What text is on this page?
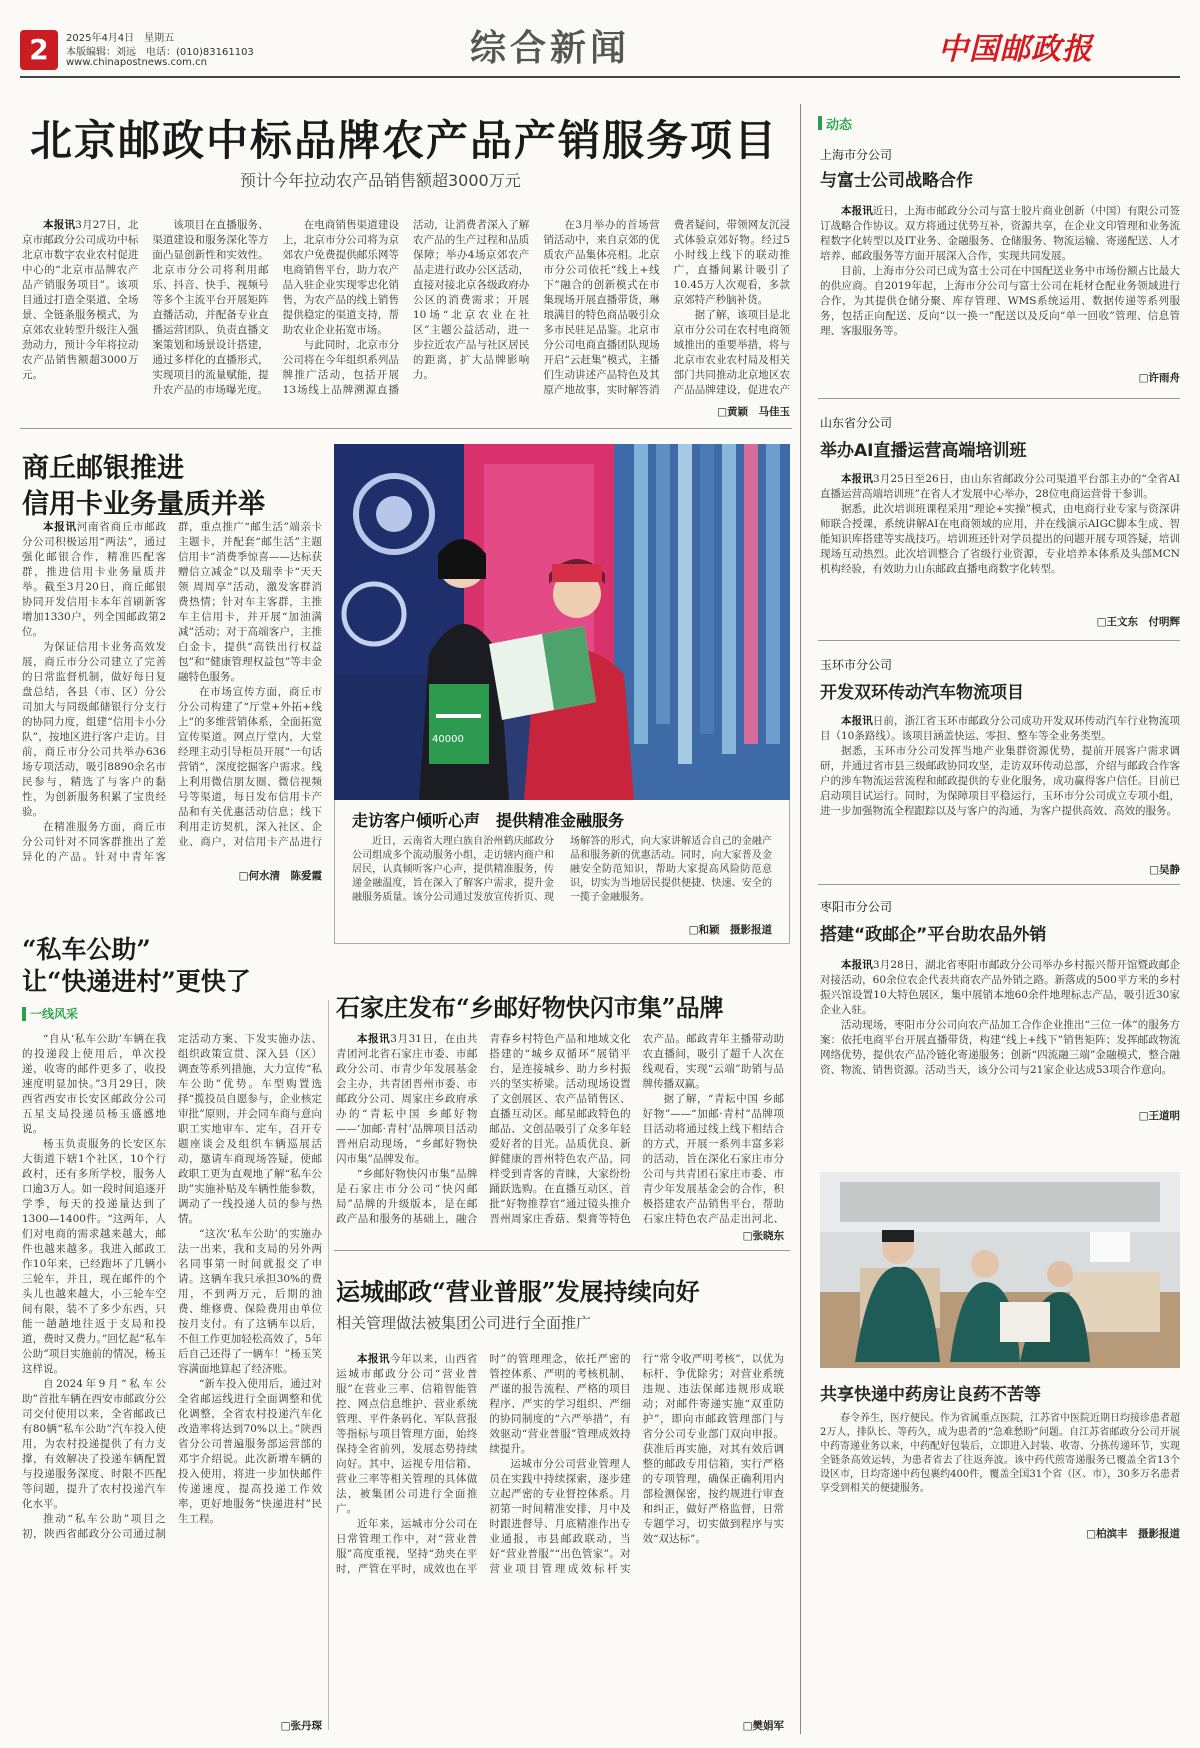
2	2025年4月4日　星期五
本版编辑：刘远　电话：(010)83161103
www.chinapostnews.com.cn	综合新闻	中国邮政报
北京邮政中标品牌农产品产销服务项目
预计今年拉动农产品销售额超3000万元

本报讯3月27日，北京市邮政分公司成功中标北京市数字农业农村促进中心的“北京市品牌农产品产销服务项目”。该项目通过打造全渠道、全场景、全链条服务模式，为京郊农业转型升级注入强劲动力，预计今年将拉动农产品销售额超3000万元。

该项目在直播服务、渠道建设和服务深化等方面凸显创新性和实效性。北京市分公司将利用邮乐、抖音、快手、视频号等多个主流平台开展矩阵直播活动，并配备专业直播运营团队，负责直播文案策划和场景设计搭建，通过多样化的直播形式，实现项目的流量赋能，提升农产品的市场曝光度。

在电商销售渠道建设上，北京市分公司将为京郊农户免费提供邮乐网等电商销售平台，助力农产品入驻企业实现零忠化销售，为农产品的线上销售提供稳定的渠道支持，帮助农业企业拓宽市场。

与此同时，北京市分公司将在今年组织系列品牌推广活动，包括开展13场线上品牌溯源直播活动，让消费者深入了解农产品的生产过程和品质保障；举办4场京郊农产品走进行政办公区活动，直接对接北京各级政府办公区的消费需求；开展10场“北京农业在社区”主题公益活动，进一步拉近农产品与社区居民的距离，扩大品牌影响力。

在3月举办的首场营销活动中，来自京郊的优质农产品集体亮相。北京市分公司依托“线上+线下”融合的创新模式在市集现场开展直播带货，琳琅满目的特色商品吸引众多市民驻足品鉴。北京市分公司电商直播团队现场开启“云赶集”模式，主播们生动讲述产品特色及其原产地故事，实时解答消费者疑问，带领网友沉浸式体验京郊好物。经过5小时线上线下的联动推广，直播间累计吸引了10.45万人次观看，多款京郊特产秒脑补货。

据了解，该项目是北京市分公司在农村电商领域推出的重要举措，将与北京市农业农村局及相关部门共同推动北京地区农产品品牌建设，促进农产

□黄颖　马佳玉
商丘邮银推进
信用卡业务量质并举

本报讯河南省商丘市邮政分公司积极运用“两法”，通过强化邮银合作，精准匹配客群，推进信用卡业务量质并举。截至3月20日，商丘邮银协同开发信用卡本年首刷新客增加1330户，列全国邮政第2位。

为保证信用卡业务高效发展，商丘市分公司建立了完善的日常监督机制，做好每日复盘总结，各县（市、区）分公司加大与同级邮储银行分支行的协同力度，组建“信用卡小分队”，按地区进行客户走访。目前，商丘市分公司共举办636场专项活动，吸引8890余名市民参与，精选了与客户的黏性，为创新服务积累了宝贵经验。

在精准服务方面，商丘市分公司针对不同客群推出了差异化的产品。针对中青年客群，重点推广“邮生活”端亲卡主题卡，并配套“邮生活”主题信用卡“消费季惊喜——达标获赠信立减金”以及瑞幸卡“天天领 周周享”活动，激发客群消费热情；针对车主客群，主推车主信用卡，并开展“加油满减”活动；对于高端客户，主推白金卡，提供“高铁出行权益包”和“健康管理权益包”等丰金融特色服务。

在市场宣传方面，商丘市分公司构建了“厅堂+外拓+线上”的多维营销体系，全面拓宽宣传渠道。网点厅堂内，大堂经理主动引导柜员开展“一句话营销”，深度挖掘客户需求。线上利用微信朋友圈、微信视频号等渠道，每日发布信用卡产品和有关优惠活动信息；线下利用走访契机，深入社区、企业、商户，对信用卡产品进行

□何水清　陈爱霞
40000
走访客户倾听心声　提供精准金融服务

近日，云南省大理白族自治州鹤庆邮政分公司组成多个流动服务小组，走访辖内商户和居民，认真倾听客户心声，提供精准服务，传递金融温度，旨在深入了解客户需求，提升金融服务质量。该分公司通过发放宣传折页、现场解答的形式，向大家讲解适合自己的金融产品和服务新的优惠活动。同时，向大家普及金融安全防范知识，帮助大家提高风险防范意识，切实为当地居民提供便捷、快速、安全的一揽子金融服务。

□和颖　摄影报道
“私车公助”
让“快递进村”更快了
一线风采

“自从‘私车公助’车辆在我的投递段上使用后，单次投递，收寄的邮件更多了，收投速度明显加快。”3月29日，陕西省西安市长安区邮政分公司五星支局投递员杨玉盛感地说。

杨玉负责服务的长安区东大街道下辖1个社区，10个行政村，还有多所学校，服务人口逾3万人。如一段时间追逐开学季，每天的投递量达到了1300—1400件。“这两年，人们对电商的需求越来越大，邮件也越来越多。我进入邮政工作10年来，已经跑坏了几辆小三轮车，并且，现在邮件的个头儿也越来越大，小三轮车空间有限，装不了多少东西，只能一趟趟地往返于支局和投道，费时又费力。”回忆起“私车公助”项目实施前的情况，杨玉这样说。

自2024年9月“私车公助”首批车辆在西安市邮政分公司交付使用以来，全省邮政已有80辆“私车公助”汽车投入使用，为农村投递提供了有力支撑，有效解决了投递车辆配置与投递服务深度、时限不匹配等问题，提升了农村投递汽车化水平。

推动“私车公助”项目之初，陕西省邮政分公司通过制定活动方案、下发实施办法、组织政策宣贯、深入县（区）调查等系列措施，大力宣传“私车公助”优势。车型购置选择“揽投员自愿参与，企业核定审批”原则，并会同车商与意向职工实地审车、定车，召开专题座谈会及组织车辆巡展活动，邀请车商现场答疑，使邮政职工更为直观地了解“私车公助”实施补贴及车辆性能参数，调动了一线投递人员的参与热情。

“这次‘私车公助’的实施办法一出来，我和支局的另外两名同事第一时间就报交了申请。这辆车我只承担30%的费用，不到两万元，后期的油费、维修费、保险费用由单位按月支付。有了这辆车以后，不但工作更加轻松高效了，5年后自己还得了一辆车！”杨玉笑容满面地算起了经济账。

“新车投入使用后，通过对全省邮运线进行全面调整和优化调整，全省农村投递汽车化改造率将达到70%以上。”陕西省分公司普遍服务部运营部的邓宇介绍说。此次新增车辆的投入使用，将进一步加快邮件传递速度，提高投递工作效率，更好地服务“快递进村”民生工程。

□张丹琛
石家庄发布“乡邮好物快闪市集”品牌

本报讯3月31日，在由共青团河北省石家庄市委、市邮政分公司、市青少年发展基金会主办，共青团晋州市委、市邮政分公司、周家庄乡政府承办的“青耘中国 乡邮好物——‘加邮·青村’品牌项目活动晋州启动现场，“乡邮好物快闪市集”品牌发布。

“乡邮好物快闪市集”品牌是石家庄市分公司“快闪邮局”品牌的升级版本，是在邮政产品和服务的基础上，融合青春乡村特色产品和地域文化搭建的“城乡双循环”展销平台，是连接城乡、助力乡村振兴的坚实桥梁。活动现场设置了文创展区、农产品销售区、直播互动区。邮星邮政特色的邮品、文创品吸引了众多年轻爱好者的目光。品质优良、新鲜健康的晋州特色农产品，同样受到青客的青睐，大家纷纷踊跃选购。在直播互动区，首批“好物推荐官”通过镜头推介晋州周家庄香菇、梨膏等特色农产品。邮政青年主播带动助农直播间，吸引了超千人次在线观看，实现“云端”助销与品牌传播双赢。

据了解，“青耘中国 乡邮好物”——“加邮·青村”品牌项目活动将通过线上线下相结合的方式，开展一系列丰富多彩的活动，旨在深化石家庄市分公司与共青团石家庄市委、市青少年发展基金会的合作，积极搭建农产品销售平台，帮助石家庄特色农产品走出河北、

□张晓东
运城邮政“营业普服”发展持续向好
相关管理做法被集团公司进行全面推广

本报讯今年以来，山西省运城市邮政分公司“营业普服”在营业三率、信箱智能管控、网点信息维护、营业系统管理、平件条码化、军队营报等指标与项目管理方面，始终保持全省前列，发展态势持续向好。其中，运视专用信箱、营业三率等相关管理的具体做法，被集团公司进行全面推广。

近年来，运城市分公司在日常管理工作中，对“营业普服”高度重视，坚持“劲夹在平时，严管在平时，成效也在平时”的管理理念，依托严密的管控体系、严明的考核机制、严谨的报告流程、严格的项目程序、严实的学习组织、严细的协同制度的“六严举措”，有效驱动“营业普服”管理成效持续提升。

运城市分公司营业管理人员在实践中持续探索，逐步建立起严密的专业督控体系。月初第一时间精准安排，月中及时跟进督导、月底精准作出专业通报，市县邮政联动，当好“营业普服”“出色管家”。对营业项目管理成效标杆实行“常令收严明考核”，以优为标杆、争优除劣；对营业系统违规、违法保邮违规形成联动；对邮件寄递实施“双重防护”，即向市邮政管理部门与省分公司专业部门双向申报。获准后再实施，对其有效后调整的邮政专用信箱，实行严格的专项管理，确保正确利用内部检测保密，按约规进行审查和纠正，做好严格监督，日常专题学习，切实做到程序与实效“双达标”。

□樊娟军
动态
上海市分公司
与富士公司战略合作

本报讯近日，上海市邮政分公司与富士胶片商业创新（中国）有限公司签订战略合作协议。双方将通过优势互补，资源共享，在企业文印管理和业务流程数字化转型以及IT业务、金融服务、仓储服务、物流运输、寄递配送、人才培养、邮政服务等方面开展深入合作，实现共同发展。

目前，上海市分公司已成为富士公司在中国配送业务中市场份额占比最大的供应商。自2019年起，上海市分公司与富士公司在耗材仓配业务领域进行合作，为其提供仓储分聚、库存管理、WMS系统运用、数据传递等系列服务，包括正向配送、反向“以一换一”配送以及反向“单一回收”管理、信息管理、客服服务等。

□许雨舟
山东省分公司
举办AI直播运营高端培训班

本报讯3月25日至26日，由山东省邮政分公司渠道平台部主办的“全省AI直播运营高端培训班”在省人才发展中心举办，28位电商运营骨干参训。

据悉，此次培训班课程采用“理论+实操”模式，由电商行业专家与资深讲师联合授课，系统讲解AI在电商领域的应用，并在线演示AIGC脚本生成、智能知识库搭建等实战技巧。培训班还针对学员提出的问题开展专项答疑，培训现场互动热烈。此次培训整合了省级行业资源，专业培养本体系及头部MCN机构经验，有效助力山东邮政直播电商数字化转型。

□王文东　付明辉
玉环市分公司
开发双环传动汽车物流项目

本报讯日前，浙江省玉环市邮政分公司成功开发双环传动汽车行业物流项目（10条路线）。该项目涵盖快运、零担、整车等全业务类型。

据悉，玉环市分公司发挥当地产业集群资源优势，提前开展客户需求调研，并通过省市县三级邮政协同攻坚，走访双环传动总部，介绍与邮政合作客户的涉车物流运营流程和邮政提供的专业化服务，成功赢得客户信任。目前已启动项目试运行。同时，为保障项目平稳运行，玉环市分公司成立专项小组，进一步加强物流全程跟踪以及与客户的沟通，为客户提供高效、高效的服务。

□吴静
枣阳市分公司
搭建“政邮企”平台助农品外销

本报讯3月28日，湖北省枣阳市邮政分公司举办乡村振兴帮开馆暨政邮企对接活动，60余位农企代表共商农产品外销之路。新落成的500平方米的乡村振兴馆设置10大特色展区，集中展销本地60余件地理标志产品，吸引近30家企业入驻。

活动现场，枣阳市分公司向农产品加工合作企业推出“三位一体”的服务方案：依托电商平台开展直播带货，构建“线上+线下”销售矩阵；发挥邮政物流网络优势，提供农产品冷链化寄递服务；创新“四流融三端”金融模式，整合融资、物流、销售资源。活动当天，该分公司与21家企业达成53项合作意向。

□王道明
共享快递中药房让良药不苦等

春令养生，医疗便民。作为省属重点医院，江苏省中医院近期日均接诊患者超2万人，排队长、等药久，成为患者的“急难愁盼”问题。自江苏省邮政分公司开展中药寄递业务以来，中药配好包装后，立即进入封装、收寄、分拣传递环节，实现全链条高效运转，为患者省去了往返奔波。该中药代煎寄递服务已覆盖全省13个设区市，日均寄递中药包裹约400件，覆盖全国31个省（区、市），30多万名患者享受到相关的便捷服务。

□柏滨丰　摄影报道
